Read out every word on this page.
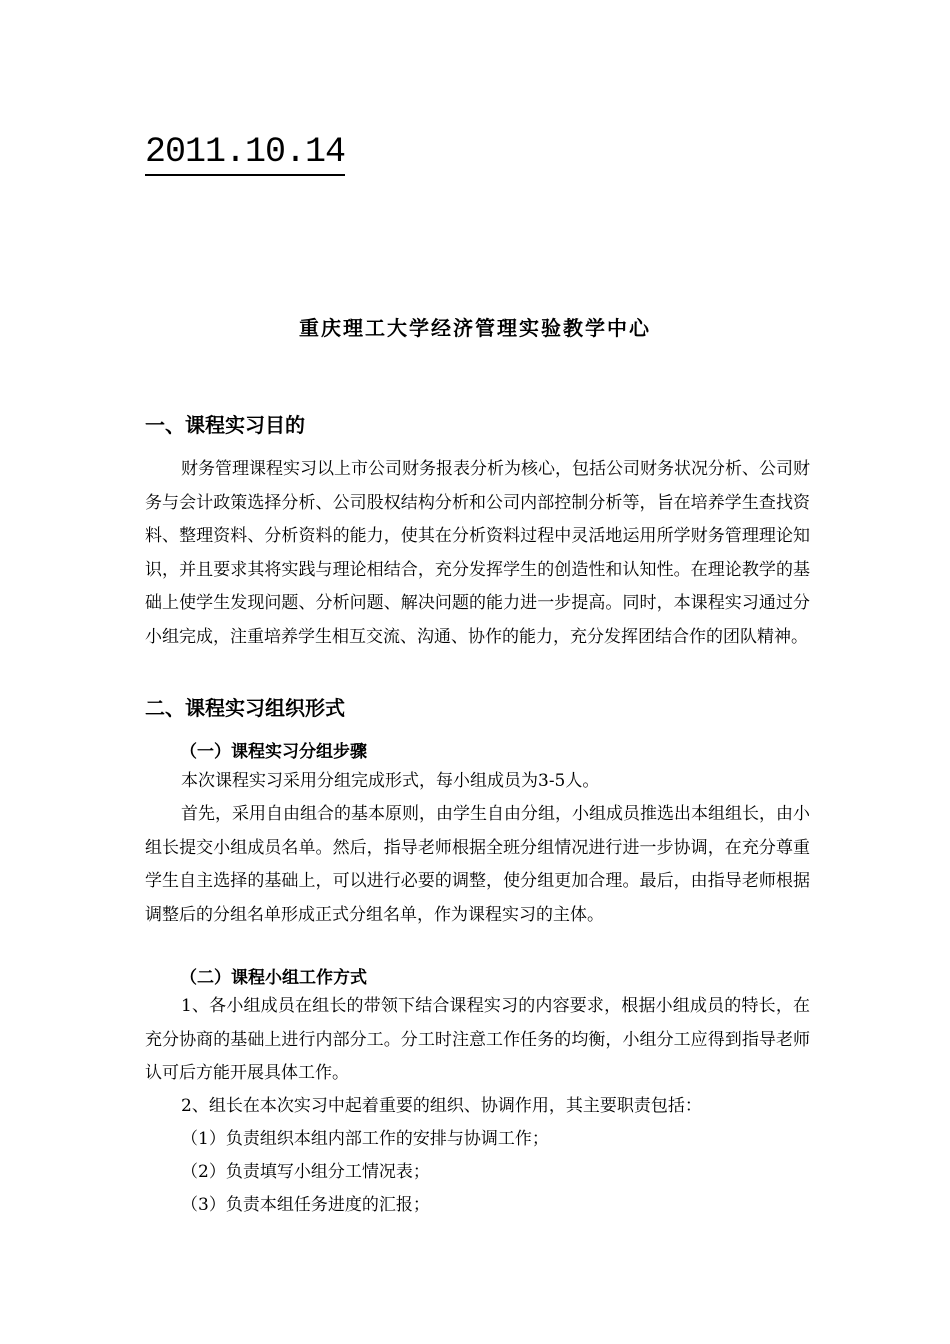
2011.10.14
重庆理工大学经济管理实验教学中心
一、课程实习目的

财务管理课程实习以上市公司财务报表分析为核心，包括公司财务状况分析、公司财务与会计政策选择分析、公司股权结构分析和公司内部控制分析等，旨在培养学生查找资料、整理资料、分析资料的能力，使其在分析资料过程中灵活地运用所学财务管理理论知识，并且要求其将实践与理论相结合，充分发挥学生的创造性和认知性。在理论教学的基础上使学生发现问题、分析问题、解决问题的能力进一步提高。同时，本课程实习通过分小组完成，注重培养学生相互交流、沟通、协作的能力，充分发挥团结合作的团队精神。

二、课程实习组织形式
（一）课程实习分组步骤

本次课程实习采用分组完成形式，每小组成员为3-5人。

首先，采用自由组合的基本原则，由学生自由分组，小组成员推选出本组组长，由小组长提交小组成员名单。然后，指导老师根据全班分组情况进行进一步协调，在充分尊重学生自主选择的基础上，可以进行必要的调整，使分组更加合理。最后，由指导老师根据调整后的分组名单形成正式分组名单，作为课程实习的主体。

（二）课程小组工作方式

1、各小组成员在组长的带领下结合课程实习的内容要求，根据小组成员的特长，在充分协商的基础上进行内部分工。分工时注意工作任务的均衡，小组分工应得到指导老师认可后方能开展具体工作。

2、组长在本次实习中起着重要的组织、协调作用，其主要职责包括：

（1）负责组织本组内部工作的安排与协调工作；
（2）负责填写小组分工情况表；
（3）负责本组任务进度的汇报；
